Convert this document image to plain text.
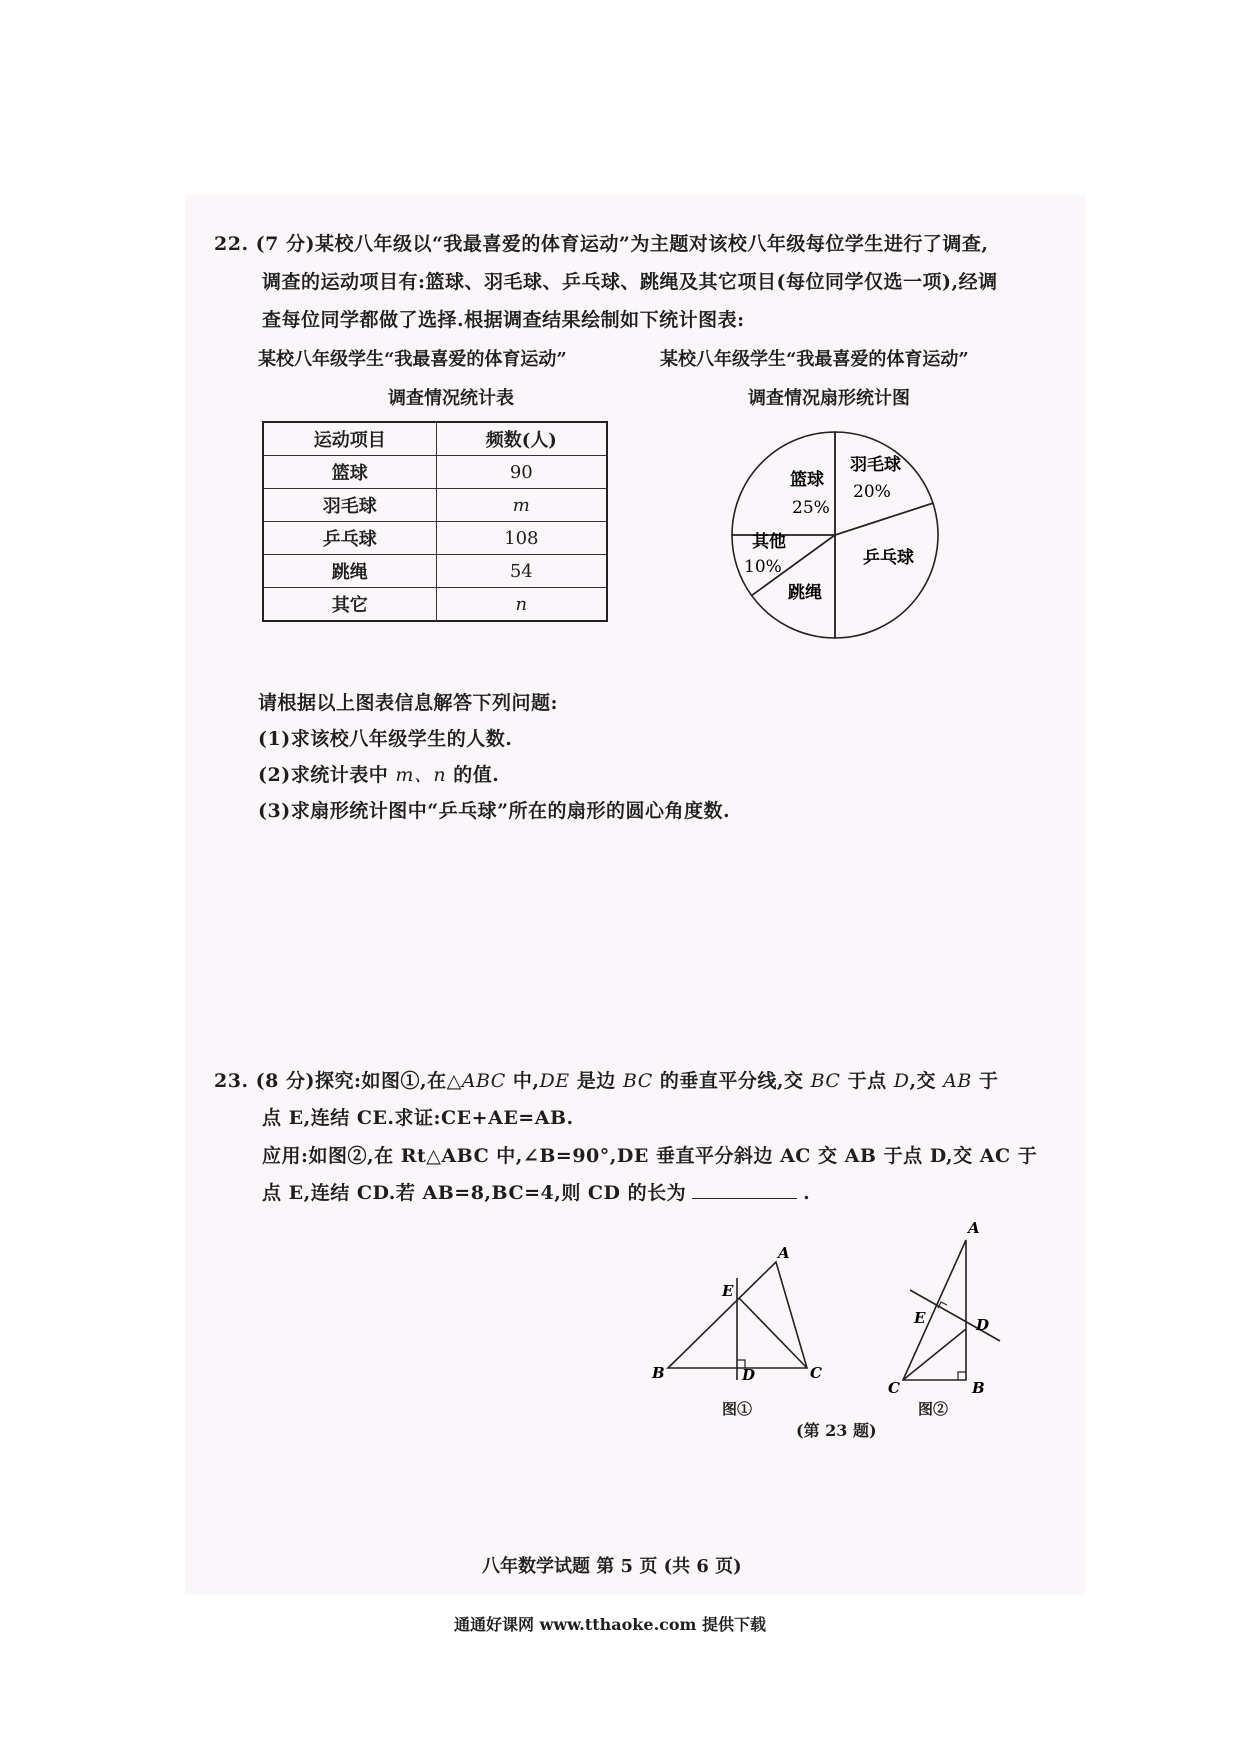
22. (7 分)某校八年级以“我最喜爱的体育运动”为主题对该校八年级每位学生进行了调查,
调查的运动项目有:篮球、羽毛球、乒乓球、跳绳及其它项目(每位同学仅选一项),经调
查每位同学都做了选择.根据调查结果绘制如下统计图表:
某校八年级学生“我最喜爱的体育运动”
调查情况统计表
某校八年级学生“我最喜爱的体育运动”
调查情况扇形统计图
运动项目	频数(人)
篮球	90
羽毛球	m
乒乓球	108
跳绳	54
其它	n
篮球
25%
羽毛球
20%
乒乓球
跳绳
其他
10%
请根据以上图表信息解答下列问题:
(1)求该校八年级学生的人数.
(2)求统计表中 m、n 的值.
(3)求扇形统计图中“乒乓球”所在的扇形的圆心角度数.
23. (8 分)探究:如图①,在△ABC 中,DE 是边 BC 的垂直平分线,交 BC 于点 D,交 AB 于
点 E,连结 CE.求证:CE+AE=AB.
应用:如图②,在 Rt△ABC 中,∠B=90°,DE 垂直平分斜边 AC 交 AB 于点 D,交 AC 于
点 E,连结 CD.若 AB=8,BC=4,则 CD 的长为	.
A
B	C
D
E
图①
A
B
C
D
E
图②
(第 23 题)
八年数学试题 第 5 页 (共 6 页)
通通好课网 www.tthaoke.com 提供下载
